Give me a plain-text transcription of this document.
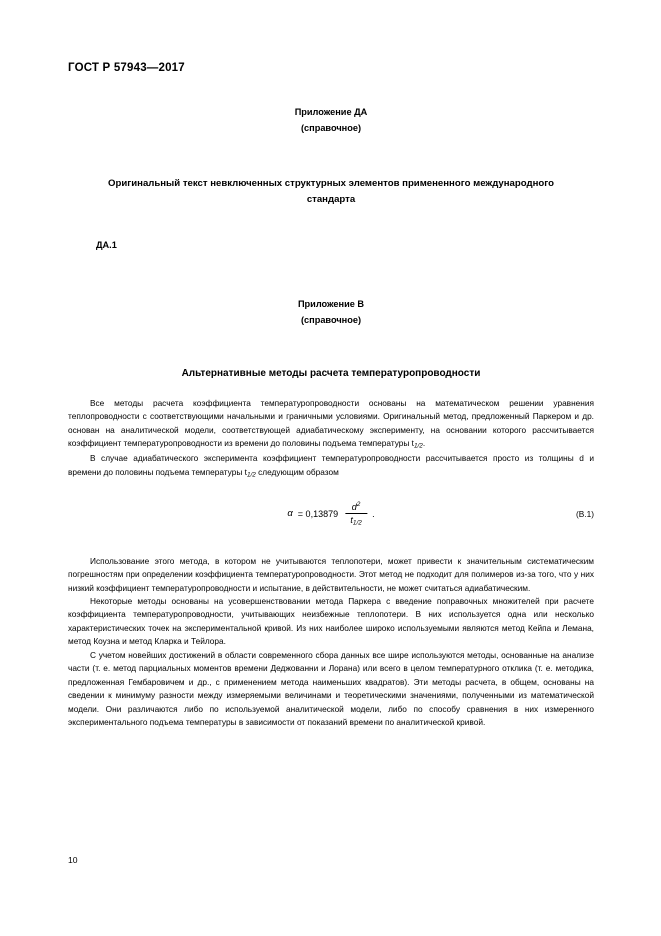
ГОСТ Р 57943—2017
Приложение ДА
(справочное)
Оригинальный текст невключенных структурных элементов примененного международного стандарта
ДА.1
Приложение В
(справочное)
Альтернативные методы расчета температуропроводности

Все методы расчета коэффициента температуропроводности основаны на математическом решении уравнения теплопроводности с соответствующими начальными и граничными условиями. Оригинальный метод, предложенный Паркером и др. основан на аналитической модели, соответствующей адиабатическому эксперименту, на основании которого рассчитывается коэффициент температуропроводности из времени до половины подъема температуры $t_{1/2}$.

В случае адиабатического эксперимента коэффициент температуропроводности рассчитывается просто из толщины d и времени до половины подъема температуры $t_{1/2}$ следующим образом

$\alpha = 0,13879 \frac{d^2}{t_{1/2}}$ .	(В.1)

Использование этого метода, в котором не учитываются теплопотери, может привести к значительным систематическим погрешностям при определении коэффициента температуропроводности. Этот метод не подходит для полимеров из-за того, что у них низкий коэффициент температуропроводности и испытание, в действительности, не может считаться адиабатическим.

Некоторые методы основаны на усовершенствовании метода Паркера с введение поправочных множителей при расчете коэффициента температуропроводности, учитывающих неизбежные теплопотери. В них используется одна или несколько характеристических точек на экспериментальной кривой. Из них наиболее широко используемыми являются метод Кейпа и Лемана, метод Коузна и метод Кларка и Тейлора.

С учетом новейших достижений в области современного сбора данных все шире используются методы, основанные на анализе части (т. е. метод парциальных моментов времени Деджованни и Лорана) или всего в целом температурного отклика (т. е. методика, предложенная Гембаровичем и др., с применением метода наименьших квадратов). Эти методы расчета, в общем, основаны на сведении к минимуму разности между измеряемыми величинами и теоретическими значениями, полученными из математической модели. Они различаются либо по используемой аналитической модели, либо по способу сравнения в них измеренного экспериментального подъема температуры в зависимости от показаний времени по аналитической кривой.

10
